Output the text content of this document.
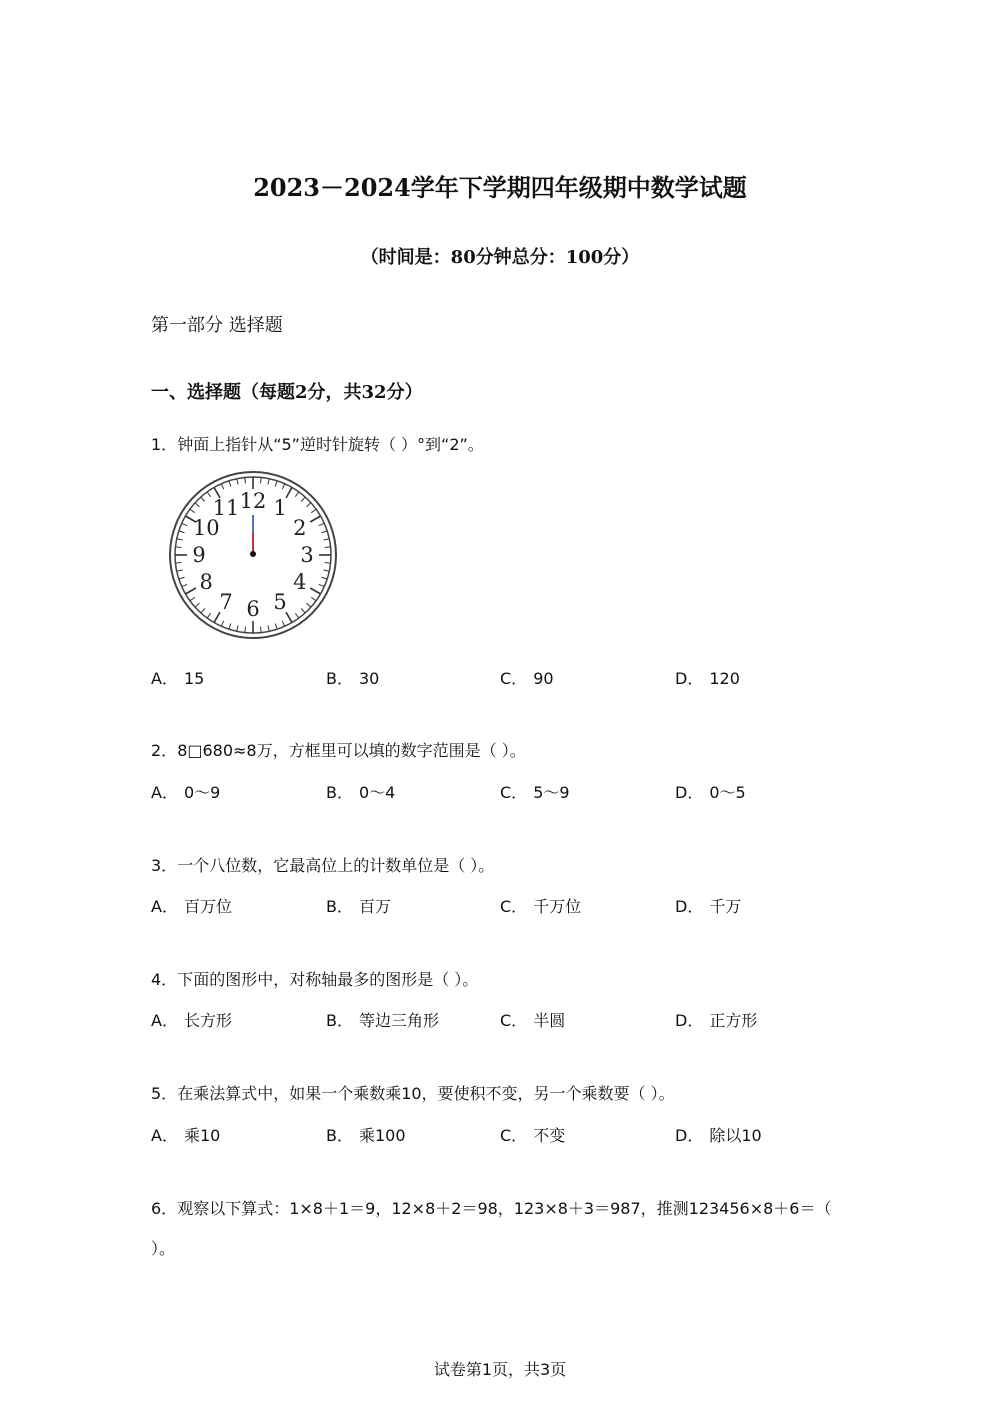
2023－2024学年下学期四年级期中数学试题
（时间是：80分钟总分：100分）
第一部分 选择题
一、选择题（每题2分，共32分）
1．钟面上指针从“5”逆时针旋转（ ）°到“2”。
12 1
2
3
4
5
6
7
8
9
10
11
A． 15	B． 30	C． 90	D． 120
2．8□680≈8万，方框里可以填的数字范围是（ ）。
A． 0～9	B． 0～4	C． 5～9	D． 0～5
3．一个八位数，它最高位上的计数单位是（ ）。
A． 百万位	B． 百万	C． 千万位	D． 千万
4．下面的图形中，对称轴最多的图形是（ ）。
A． 长方形	B． 等边三角形	C． 半圆	D． 正方形
5．在乘法算式中，如果一个乘数乘10，要使积不变，另一个乘数要（ ）。
A． 乘10	B． 乘100	C． 不变	D． 除以10
6．观察以下算式：1×8＋1＝9，12×8＋2＝98，123×8＋3＝987，推测123456×8＋6＝（
）。
试卷第1页，共3页
